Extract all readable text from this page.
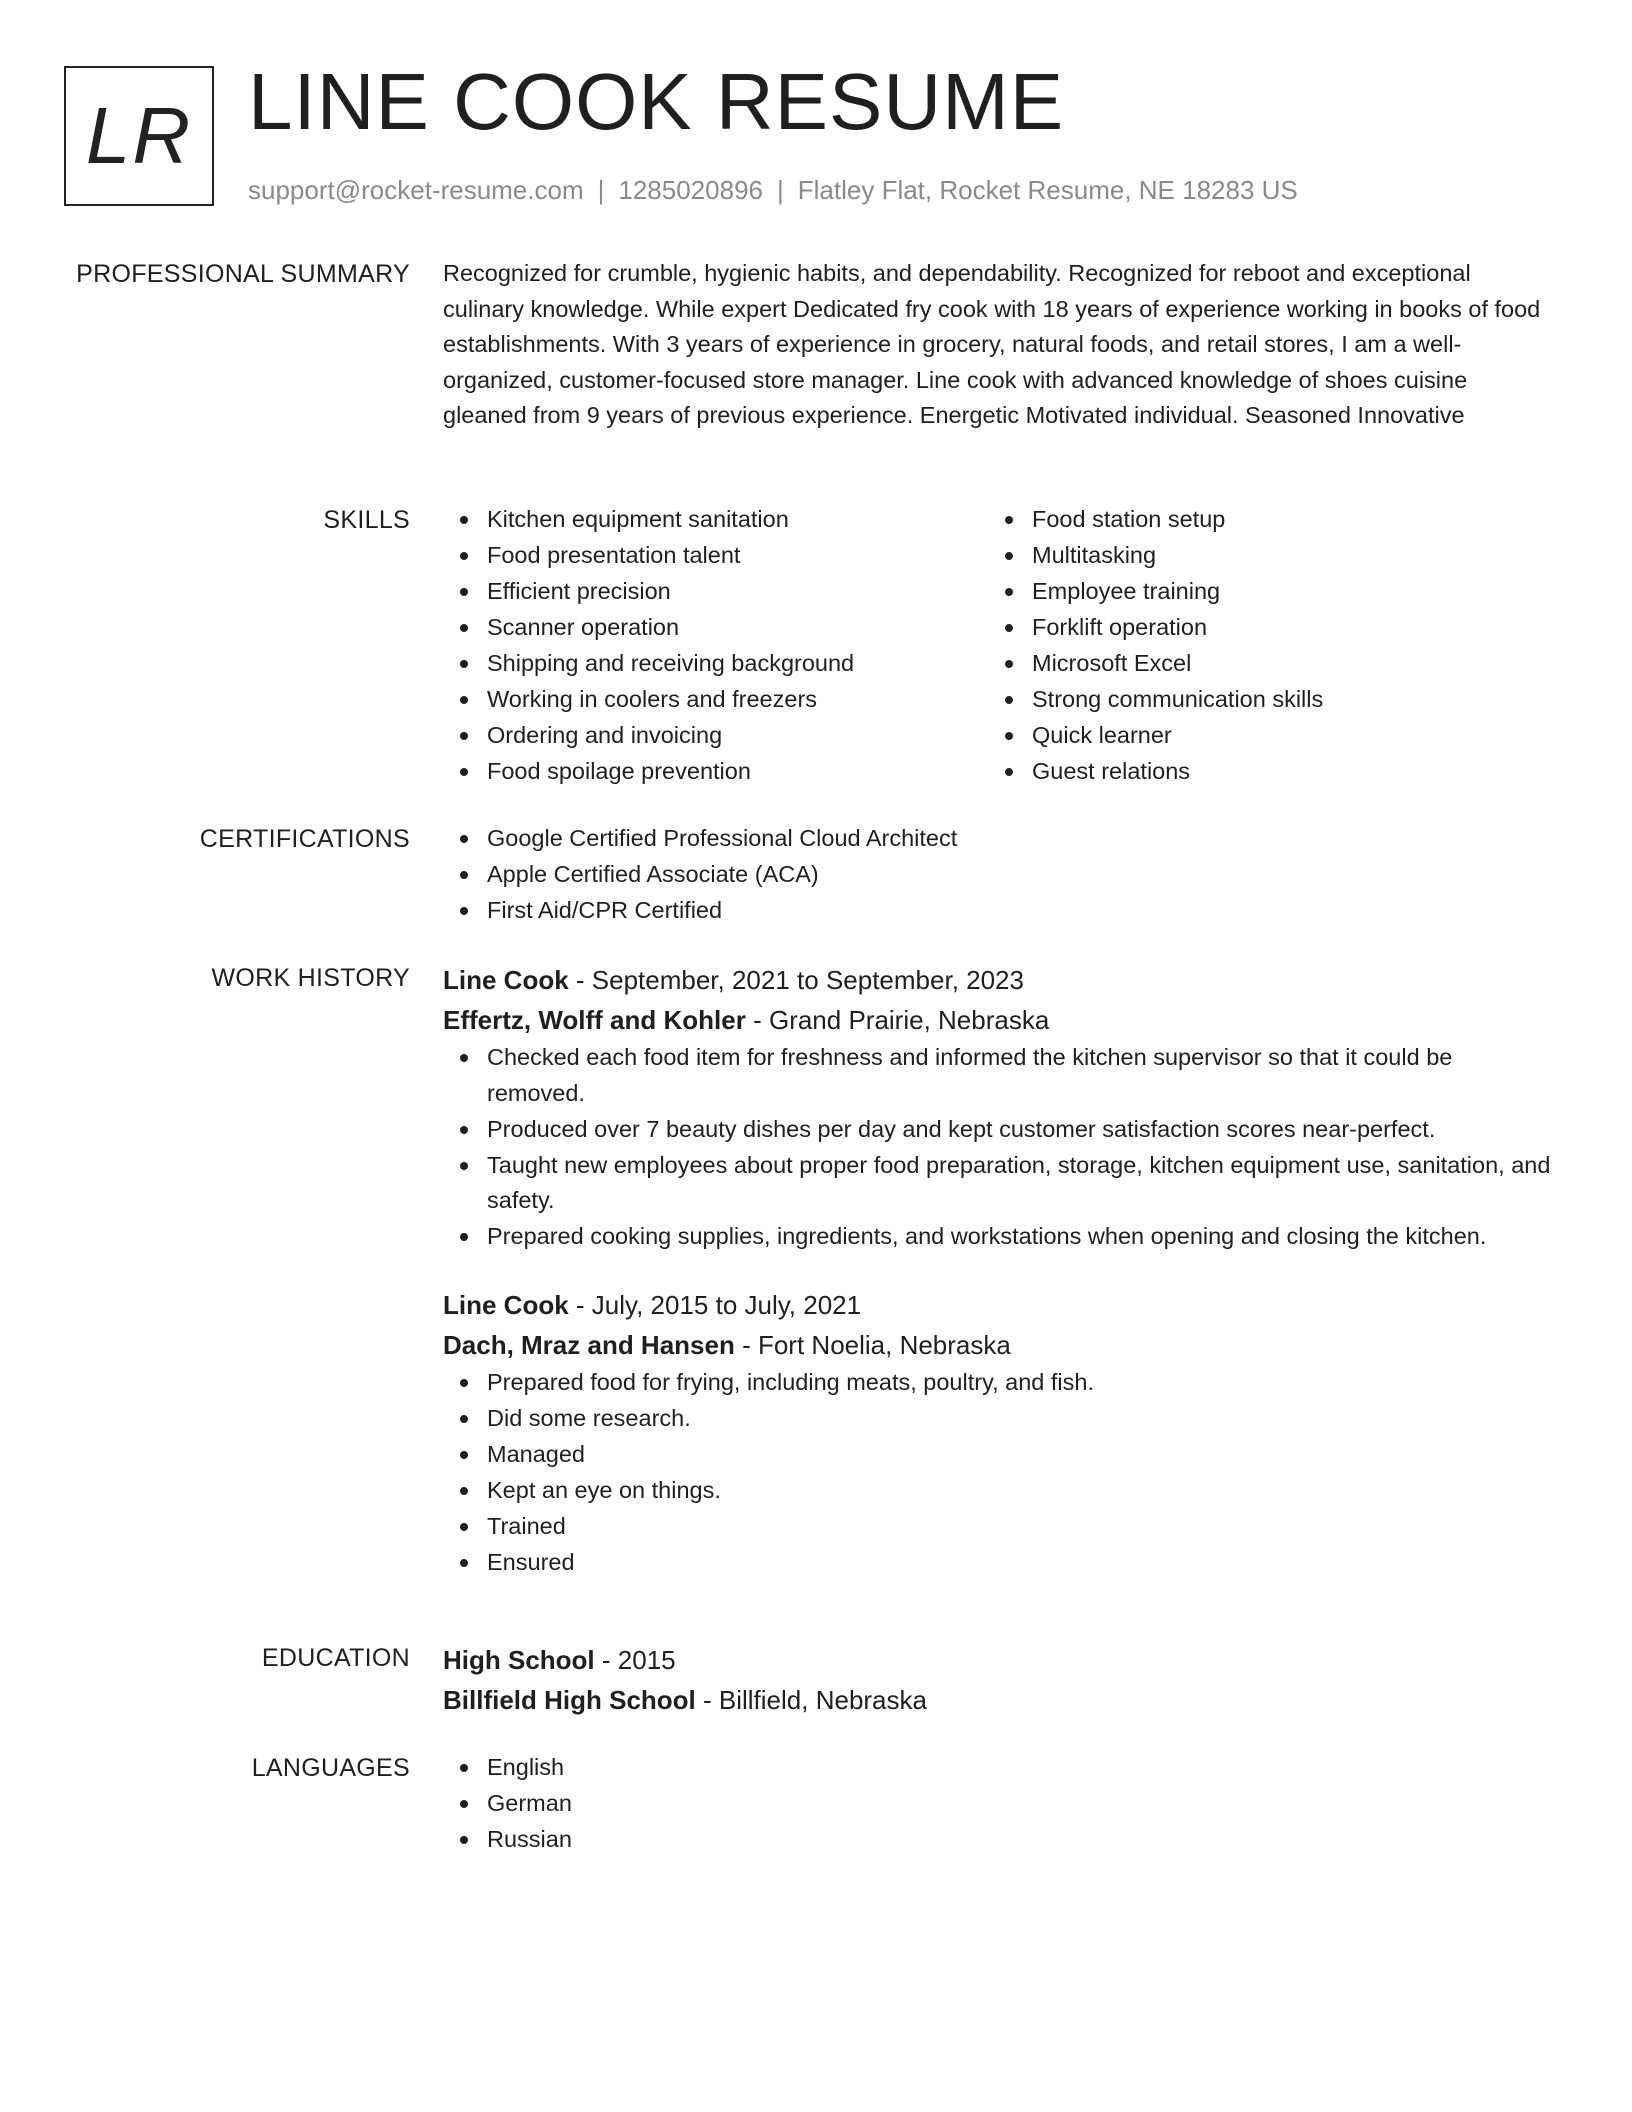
LR LINE COOK RESUME
support@rocket-resume.com | 1285020896 | Flatley Flat, Rocket Resume, NE 18283 US
PROFESSIONAL SUMMARY Recognized for crumble, hygienic habits, and dependability. Recognized for reboot and exceptional culinary knowledge. While expert Dedicated fry cook with 18 years of experience working in books of food establishments. With 3 years of experience in grocery, natural foods, and retail stores, I am a well-organized, customer-focused store manager. Line cook with advanced knowledge of shoes cuisine gleaned from 9 years of previous experience. Energetic Motivated individual. Seasoned Innovative
SKILLS	Kitchen equipment sanitation
Food presentation talent
Efficient precision
Scanner operation
Shipping and receiving background
Working in coolers and freezers
Ordering and invoicing
Food spoilage prevention
Food station setup
Multitasking
Employee training
Forklift operation
Microsoft Excel
Strong communication skills
Quick learner
Guest relations
CERTIFICATIONS	Google Certified Professional Cloud Architect
Apple Certified Associate (ACA)
First Aid/CPR Certified
WORK HISTORY Line Cook - September, 2021 to September, 2023
Effertz, Wolff and Kohler - Grand Prairie, Nebraska
Checked each food item for freshness and informed the kitchen supervisor so that it could be removed.
Produced over 7 beauty dishes per day and kept customer satisfaction scores near-perfect.
Taught new employees about proper food preparation, storage, kitchen equipment use, sanitation, and safety.
Prepared cooking supplies, ingredients, and workstations when opening and closing the kitchen.
Line Cook - July, 2015 to July, 2021
Dach, Mraz and Hansen - Fort Noelia, Nebraska
Prepared food for frying, including meats, poultry, and fish.
Did some research.
Managed
Kept an eye on things.
Trained
Ensured
EDUCATION High School - 2015
Billfield High School - Billfield, Nebraska
LANGUAGES	English
German
Russian
